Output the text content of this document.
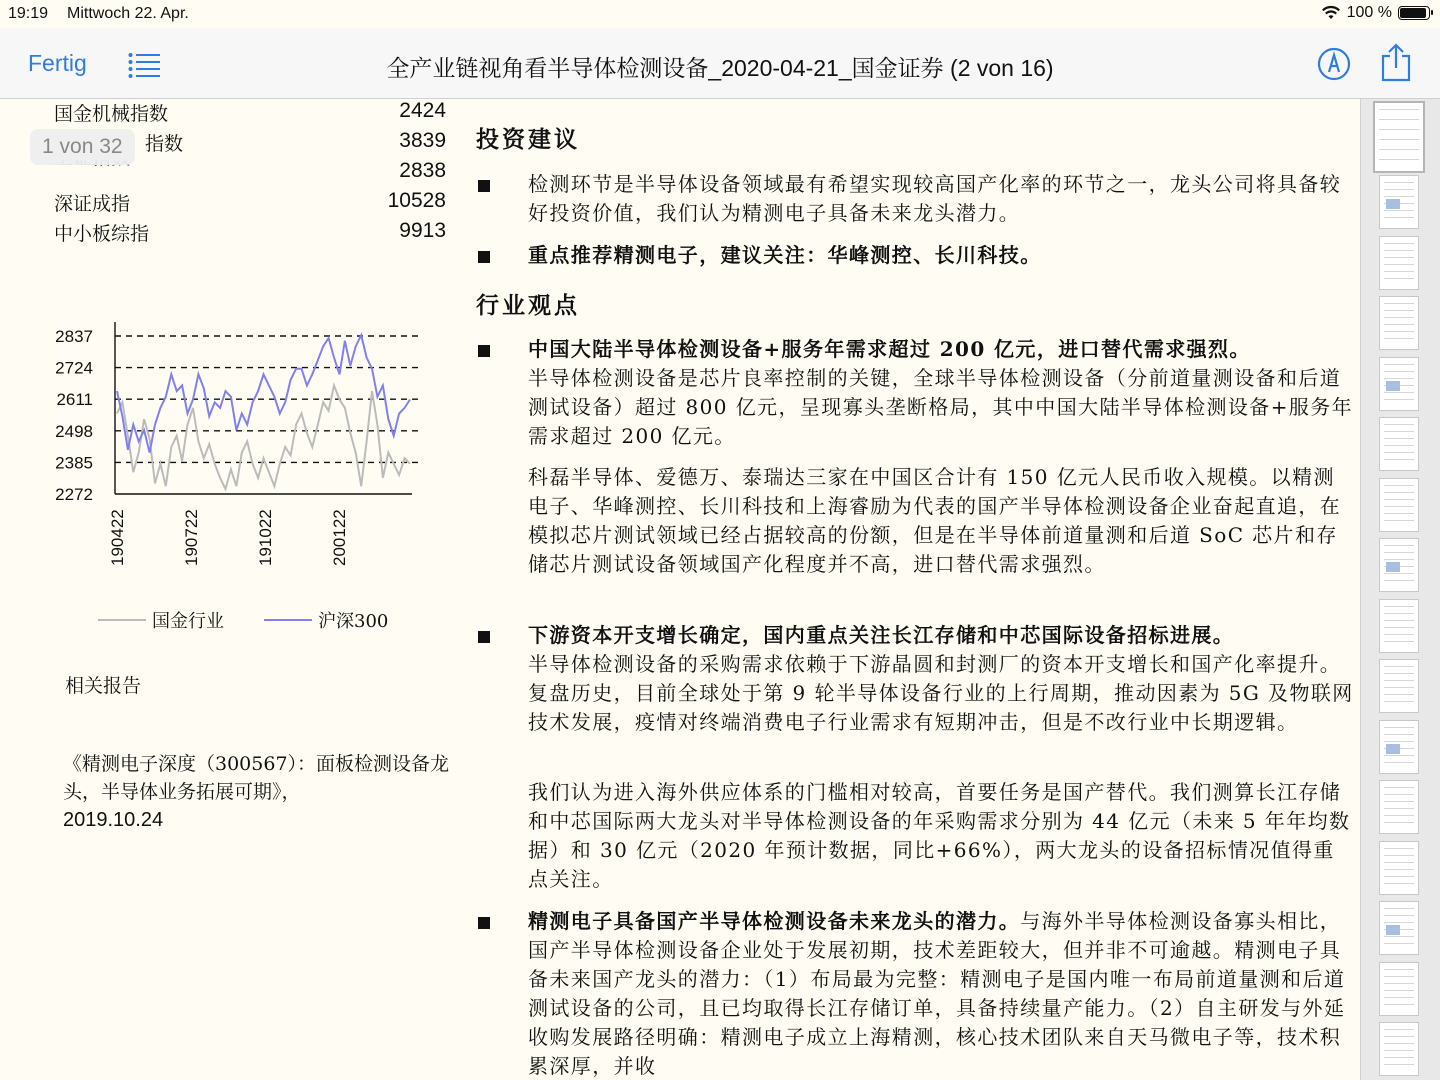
19:19 Mittwoch 22. Apr.	100 %
Fertig	全产业链视角看半导体检测设备_2020-04-21_国金证券 (2 von 16)
国金机械指数	2424
指数	3839
2838
深证成指	10528
中小板综指	9913
1 von 32
2837
2724
2611
2498
2385
2272
190422	190722	191022	200122
国金行业	沪深300
相关报告
《精测电子深度（300567）：面板检测设备龙头，半导体业务拓展可期》，
2019.10.24
投资建议
检测环节是半导体设备领域最有希望实现较高国产化率的环节之一，龙头公司将具备较好投资价值，我们认为精测电子具备未来龙头潜力。
重点推荐精测电子，建议关注：华峰测控、长川科技。
行业观点
中国大陆半导体检测设备+服务年需求超过 200 亿元，进口替代需求强烈。
半导体检测设备是芯片良率控制的关键，全球半导体检测设备（分前道量测设备和后道测试设备）超过 800 亿元，呈现寡头垄断格局，其中中国大陆半导体检测设备+服务年需求超过 200 亿元。
科磊半导体、爱德万、泰瑞达三家在中国区合计有 150 亿元人民币收入规模。以精测电子、华峰测控、长川科技和上海睿励为代表的国产半导体检测设备企业奋起直追，在模拟芯片测试领域已经占据较高的份额，但是在半导体前道量测和后道 SoC 芯片和存储芯片测试设备领域国产化程度并不高，进口替代需求强烈。
下游资本开支增长确定，国内重点关注长江存储和中芯国际设备招标进展。
半导体检测设备的采购需求依赖于下游晶圆和封测厂的资本开支增长和国产化率提升。复盘历史，目前全球处于第 9 轮半导体设备行业的上行周期，推动因素为 5G 及物联网技术发展，疫情对终端消费电子行业需求有短期冲击，但是不改行业中长期逻辑。
我们认为进入海外供应体系的门槛相对较高，首要任务是国产替代。我们测算长江存储和中芯国际两大龙头对半导体检测设备的年采购需求分别为 44 亿元（未来 5 年年均数据）和 30 亿元（2020 年预计数据，同比+66%），两大龙头的设备招标情况值得重点关注。
精测电子具备国产半导体检测设备未来龙头的潜力。与海外半导体检测设备寡头相比，国产半导体检测设备企业处于发展初期，技术差距较大，但并非不可逾越。精测电子具备未来国产龙头的潜力：（1）布局最为完整：精测电子是国内唯一布局前道量测和后道测试设备的公司，且已均取得长江存储订单，具备持续量产能力。（2）自主研发与外延收购发展路径明确：精测电子成立上海精测，核心技术团队来自天马微电子等，技术积累深厚，并收
